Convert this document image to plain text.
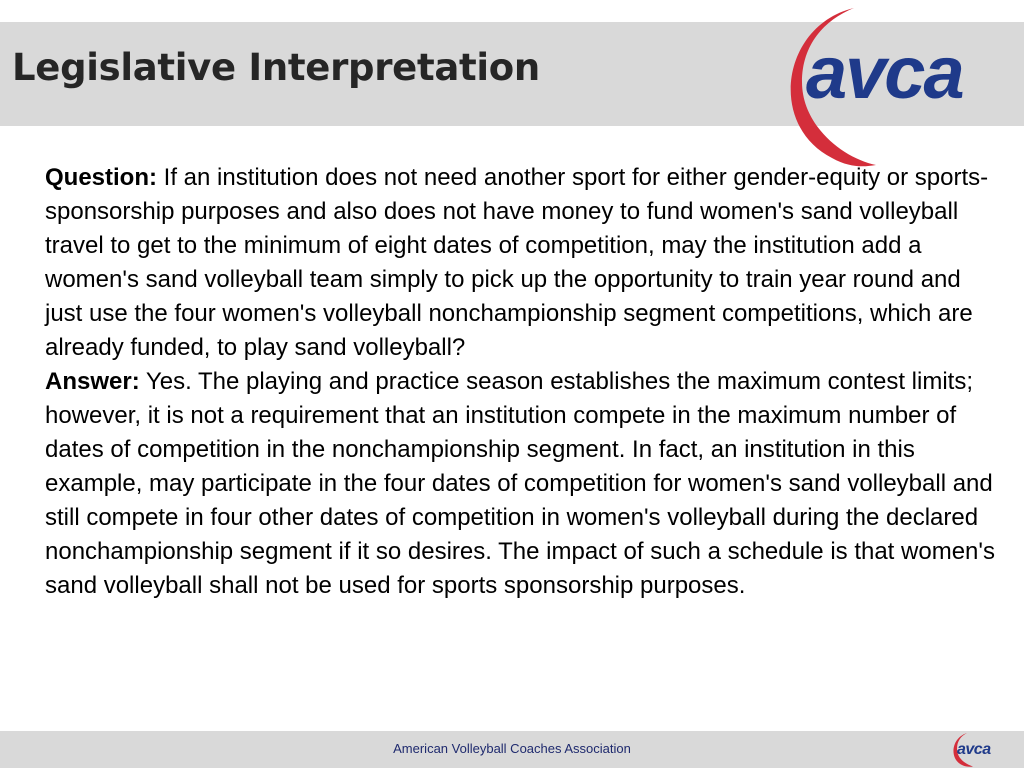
Legislative Interpretation	avca

Question: If an institution does not need another sport for either gender-equity or sports-sponsorship purposes and also does not have money to fund women's sand volleyball travel to get to the minimum of eight dates of competition, may the institution add a women's sand volleyball team simply to pick up the opportunity to train year round and just use the four women's volleyball nonchampionship segment competitions, which are already funded, to play sand volleyball?

Answer: Yes. The playing and practice season establishes the maximum contest limits; however, it is not a requirement that an institution compete in the maximum number of dates of competition in the nonchampionship segment. In fact, an institution in this example, may participate in the four dates of competition for women's sand volleyball and still compete in four other dates of competition in women's volleyball during the declared nonchampionship segment if it so desires. The impact of such a schedule is that women's sand volleyball shall not be used for sports sponsorship purposes.

American Volleyball Coaches Association	avca
